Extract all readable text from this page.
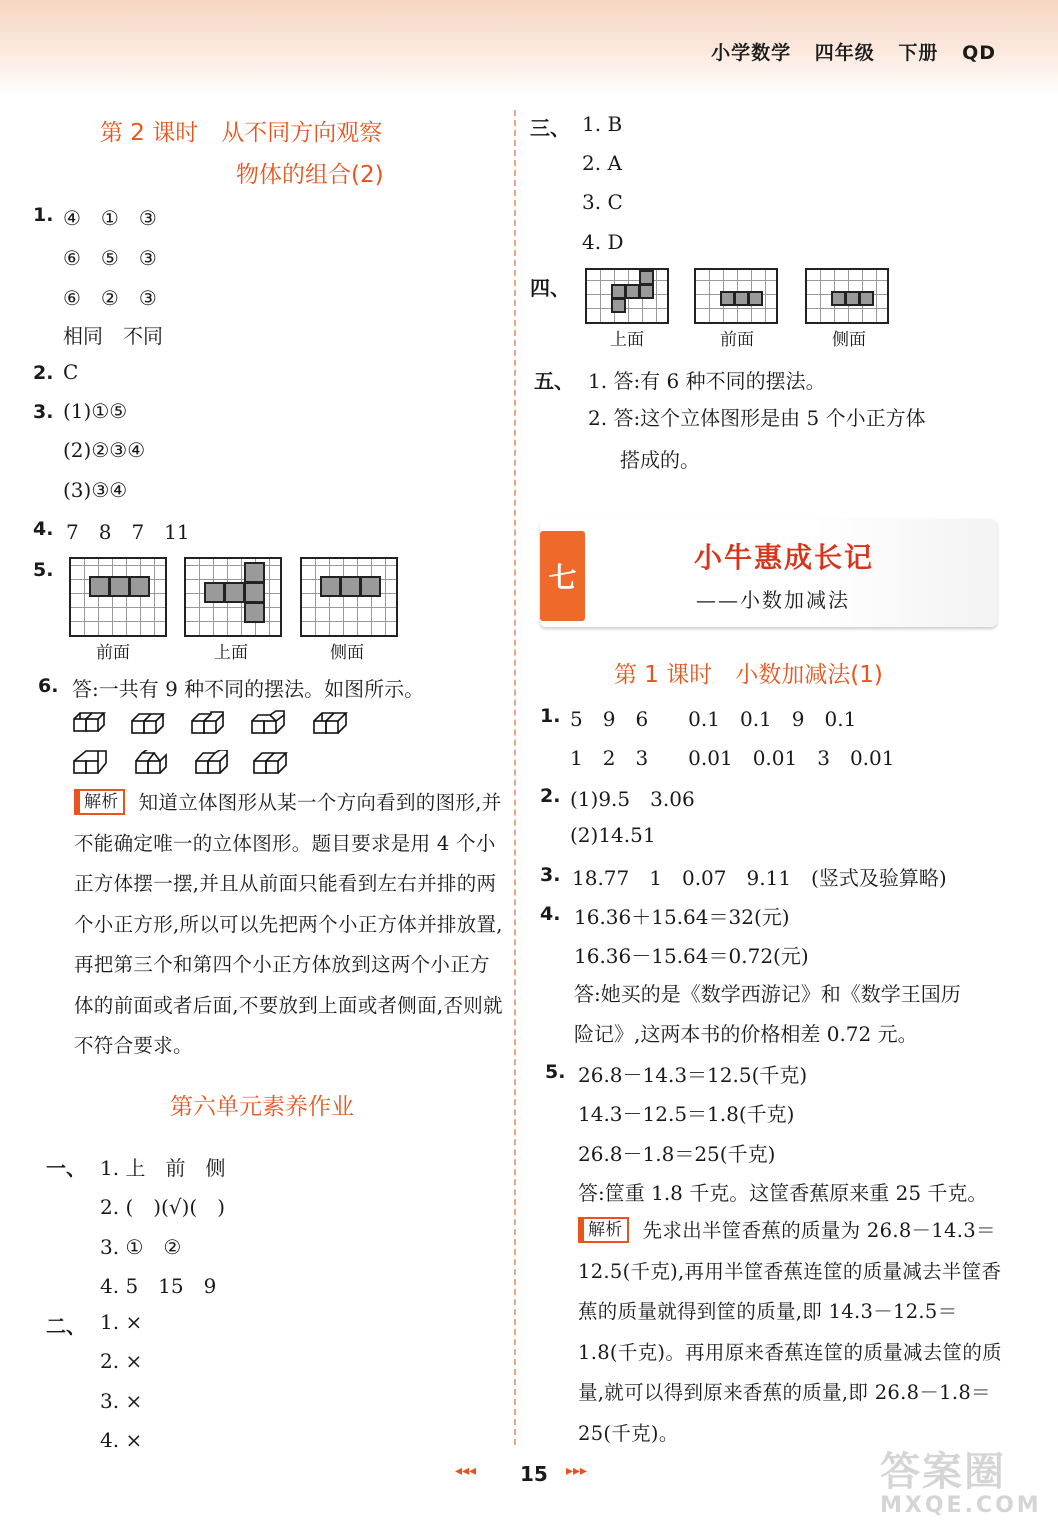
小学数学 四年级 下册 QD
第 2 课时　从不同方向观察
物体的组合(2)
1. ④　①　③
⑥　⑤　③
⑥　②　③
相同　不同
2. C
3. (1)①⑤
(2)②③④
(3)③④
4. 7　8　7　11
5.
前面	上面	侧面
6. 答:一共有 9 种不同的摆法。如图所示。
解析 知道立体图形从某一个方向看到的图形,并不能确定唯一的立体图形。题目要求是用 4 个小正方体摆一摆,并且从前面只能看到左右并排的两个小正方形,所以可以先把两个小正方体并排放置,再把第三个和第四个小正方体放到这两个小正方体的前面或者后面,不要放到上面或者侧面,否则就不符合要求。
第六单元素养作业
一、 1. 上　前　侧
2. (　)(√)(　)
3. ①　②
4. 5　15　9
二、 1. ×
2. ×
3. ×
4. ×
三、 1. B
2. A
3. C
4. D
四、
上面	前面	侧面
五、 1. 答:有 6 种不同的摆法。
2. 答:这个立体图形是由 5 个小正方体
搭成的。
七
小牛惠成长记
——小数加减法
第 1 课时　小数加减法(1)
1. 5　9　6　　0.1　0.1　9　0.1
1　2　3　　0.01　0.01　3　0.01
2. (1)9.5　3.06
(2)14.51
3. 18.77　1　0.07　9.11　(竖式及验算略)
4. 16.36＋15.64＝32(元)
16.36－15.64＝0.72(元)
答:她买的是《数学西游记》和《数学王国历
险记》,这两本书的价格相差 0.72 元。
5. 26.8－14.3＝12.5(千克)
14.3－12.5＝1.8(千克)
26.8－1.8＝25(千克)
答:筐重 1.8 千克。这筐香蕉原来重 25 千克。
解析 先求出半筐香蕉的质量为 26.8－14.3＝12.5(千克),再用半筐香蕉连筐的质量减去半筐香蕉的质量就得到筐的质量,即 14.3－12.5＝1.8(千克)。再用原来香蕉连筐的质量减去筐的质量,就可以得到原来香蕉的质量,即 26.8－1.8＝25(千克)。
◂◂◂ 15 ▸▸▸	答案圈
MXQE.COM
